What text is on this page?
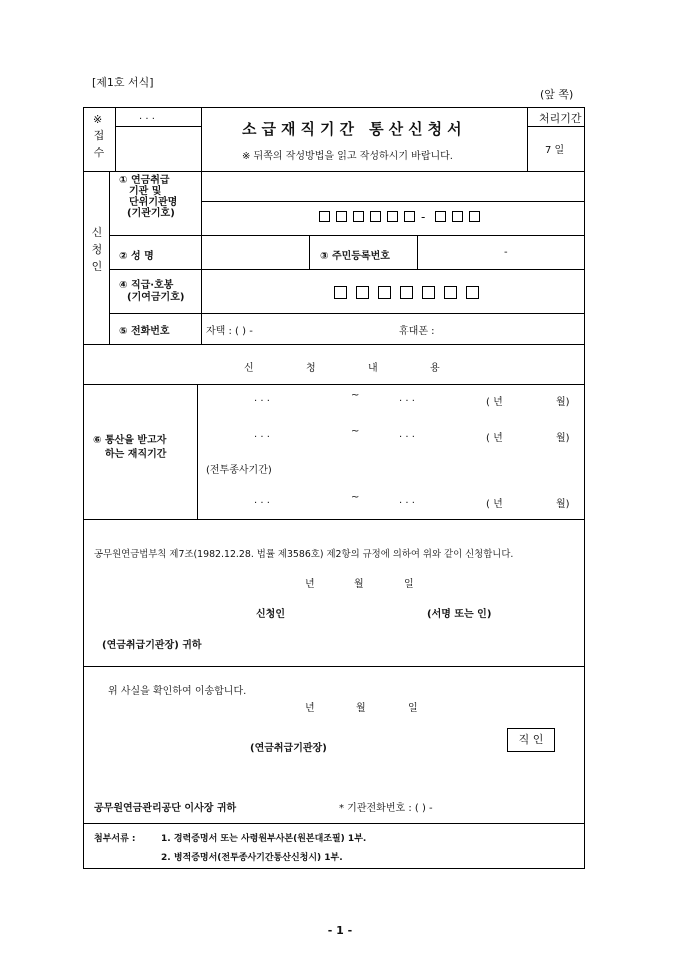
[제1호 서식]
(앞 쪽)
※
접
수
. . .
소급재직기간 통산신청서
※ 뒤쪽의 작성방법을 읽고 작성하시기 바랍니다.
처리기간
7 일
신
청
인
① 연금취급
기관 및
단위기관명
(기관기호)	-
② 성 명	③ 주민등록번호	-
④ 직급·호봉
(기여금기호)
⑤ 전화번호	자택 : ( ) -	휴대폰 :
신	청	내	용
⑥ 통산을 받고자
하는 재직기간
. . .	~	. . .	( 년	월)
. . .	~	. . .	( 년	월)
(전투종사기간)
. . .	~	. . .	( 년	월)
공무원연금법부칙 제7조(1982.12.28. 법률 제3586호) 제2항의 규정에 의하여 위와 같이 신청합니다.
년	월	일
신청인	(서명 또는 인)
(연금취급기관장) 귀하
위 사실을 확인하여 이송합니다.
년	월	일
(연금취급기관장)
공무원연금관리공단 이사장 귀하	* 기관전화번호 : ( ) -
첨부서류 :	1. 경력증명서 또는 사령원부사본(원본대조필) 1부.
2. 병적증명서(전투종사기간통산신청시) 1부.
직 인
- 1 -
